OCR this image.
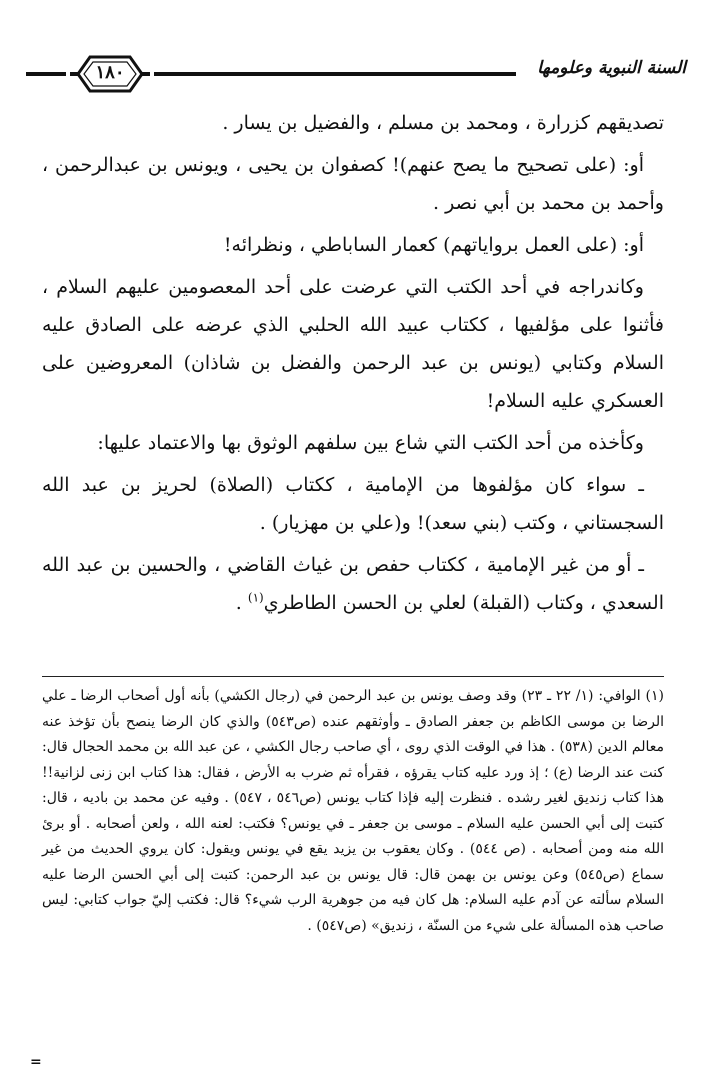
السنة النبوية وعلومها
١٨٠

تصديقهم كزرارة ، ومحمد بن مسلم ، والفضيل بن يسار .

أو: (على تصحيح ما يصح عنهم)! كصفوان بن يحيى ، ويونس بن عبدالرحمن ، وأحمد بن محمد بن أبي نصر .

أو: (على العمل برواياتهم) كعمار الساباطي ، ونظرائه!

وكاندراجه في أحد الكتب التي عرضت على أحد المعصومين عليهم السلام ، فأثنوا على مؤلفيها ، ككتاب عبيد الله الحلبي الذي عرضه على الصادق عليه السلام وكتابي (يونس بن عبد الرحمن والفضل بن شاذان) المعروضين على العسكري عليه السلام!

وكأخذه من أحد الكتب التي شاع بين سلفهم الوثوق بها والاعتماد عليها:

ـ سواء كان مؤلفوها من الإمامية ، ككتاب (الصلاة) لحريز بن عبد الله السجستاني ، وكتب (بني سعد)! و(علي بن مهزيار) .

ـ أو من غير الإمامية ، ككتاب حفص بن غياث القاضي ، والحسين بن عبد الله السعدي ، وكتاب (القبلة) لعلي بن الحسن الطاطري$^{(١)}$ .

(١) الوافي: (١/ ٢٢ ـ ٢٣) وقد وصف يونس بن عبد الرحمن في (رجال الكشي) بأنه أول أصحاب الرضا ـ علي الرضا بن موسى الكاظم بن جعفر الصادق ـ وأوثقهم عنده (ص٥٤٣) والذي كان الرضا ينصح بأن تؤخذ عنه معالم الدين (٥٣٨) . هذا في الوقت الذي روى ، أي صاحب رجال الكشي ، عن عبد الله بن محمد الحجال قال: كنت عند الرضا (ع) ؛ إذ ورد عليه كتاب يقرؤه ، فقرأه ثم ضرب به الأرض ، فقال: هذا كتاب ابن زنى لزانية!! هذا كتاب زنديق لغير رشده . فنظرت إليه فإذا كتاب يونس (ص٥٤٦ ، ٥٤٧) . وفيه عن محمد بن باديه ، قال: كتبت إلى أبي الحسن عليه السلام ـ موسى بن جعفر ـ في يونس؟ فكتب: لعنه الله ، ولعن أصحابه . أو برئ الله منه ومن أصحابه . (ص ٥٤٤) . وكان يعقوب بن يزيد يقع في يونس ويقول: كان يروي الحديث من غير سماع (ص٥٤٥) وعن يونس بن بهمن قال: قال يونس بن عبد الرحمن: كتبت إلى أبي الحسن الرضا عليه السلام سألته عن آدم عليه السلام: هل كان فيه من جوهرية الرب شيء؟ قال: فكتب إليّ جواب كتابي: ليس صاحب هذه المسألة على شيء من السنّة ، زنديق» (ص٥٤٧) .

=
